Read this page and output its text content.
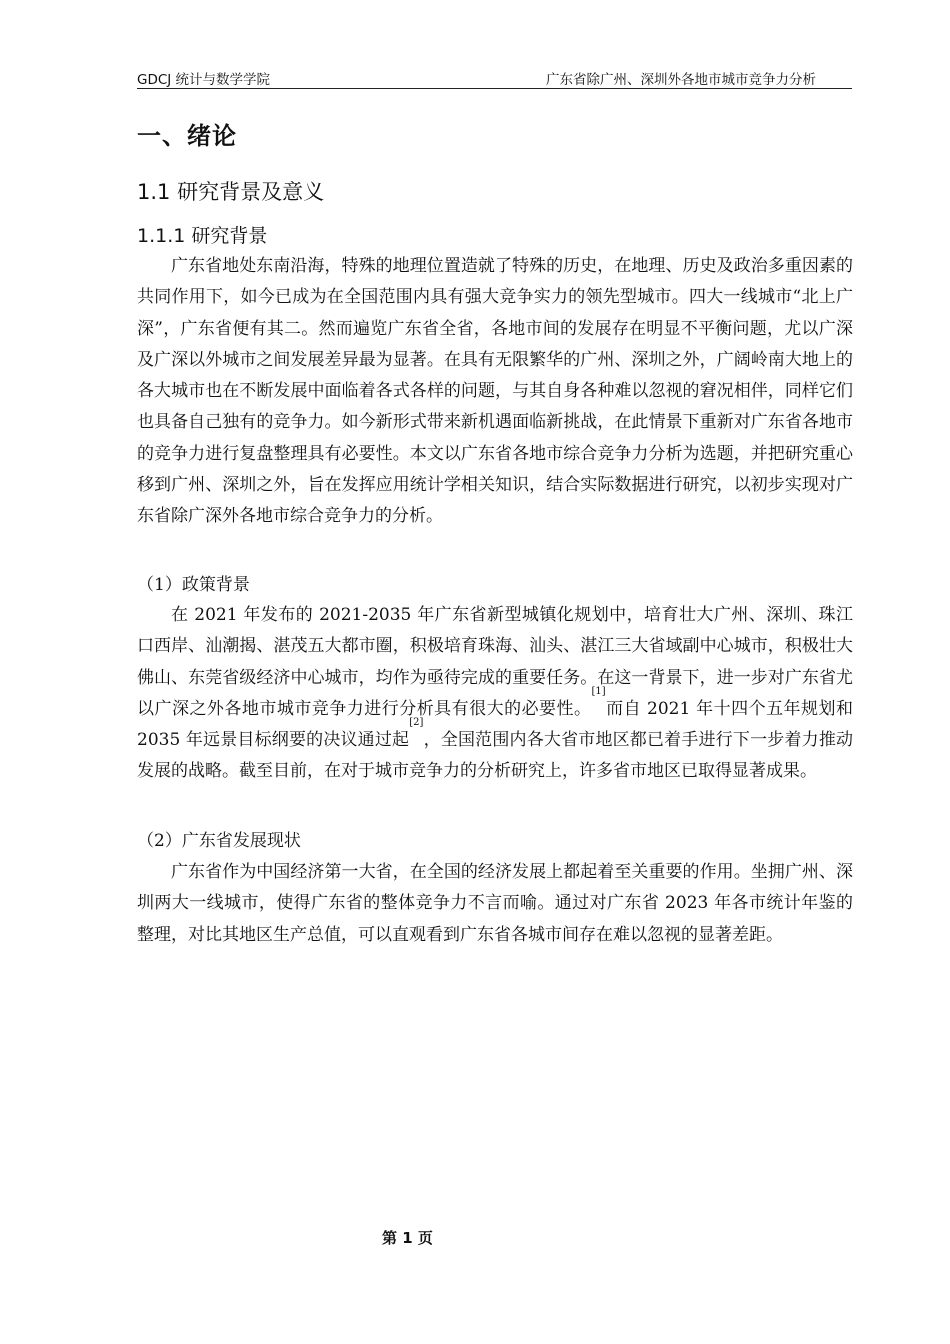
GDCJ 统计与数学学院	广东省除广州、深圳外各地市城市竞争力分析
一、绪论
1.1 研究背景及意义
1.1.1 研究背景

广东省地处东南沿海，特殊的地理位置造就了特殊的历史，在地理、历史及政治多重因素的共同作用下，如今已成为在全国范围内具有强大竞争实力的领先型城市。四大一线城市“北上广深”，广东省便有其二。然而遍览广东省全省，各地市间的发展存在明显不平衡问题，尤以广深及广深以外城市之间发展差异最为显著。在具有无限繁华的广州、深圳之外，广阔岭南大地上的各大城市也在不断发展中面临着各式各样的问题，与其自身各种难以忽视的窘况相伴，同样它们也具备自己独有的竞争力。如今新形式带来新机遇面临新挑战，在此情景下重新对广东省各地市的竞争力进行复盘整理具有必要性。本文以广东省各地市综合竞争力分析为选题，并把研究重心移到广州、深圳之外，旨在发挥应用统计学相关知识，结合实际数据进行研究，以初步实现对广东省除广深外各地市综合竞争力的分析。

（1）政策背景

在 2021 年发布的 2021-2035 年广东省新型城镇化规划中，培育壮大广州、深圳、珠江口西岸、汕潮揭、湛茂五大都市圈，积极培育珠海、汕头、湛江三大省域副中心城市，积极壮大佛山、东莞省级经济中心城市，均作为亟待完成的重要任务。在这一背景下，进一步对广东省尤以广深之外各地市城市竞争力进行分析具有很大的必要性。[1]而自 2021 年十四个五年规划和 2035 年远景目标纲要的决议通过起[2]，全国范围内各大省市地区都已着手进行下一步着力推动发展的战略。截至目前，在对于城市竞争力的分析研究上，许多省市地区已取得显著成果。

（2）广东省发展现状

广东省作为中国经济第一大省，在全国的经济发展上都起着至关重要的作用。坐拥广州、深圳两大一线城市，使得广东省的整体竞争力不言而喻。通过对广东省 2023 年各市统计年鉴的整理，对比其地区生产总值，可以直观看到广东省各城市间存在难以忽视的显著差距。

第 1 页
